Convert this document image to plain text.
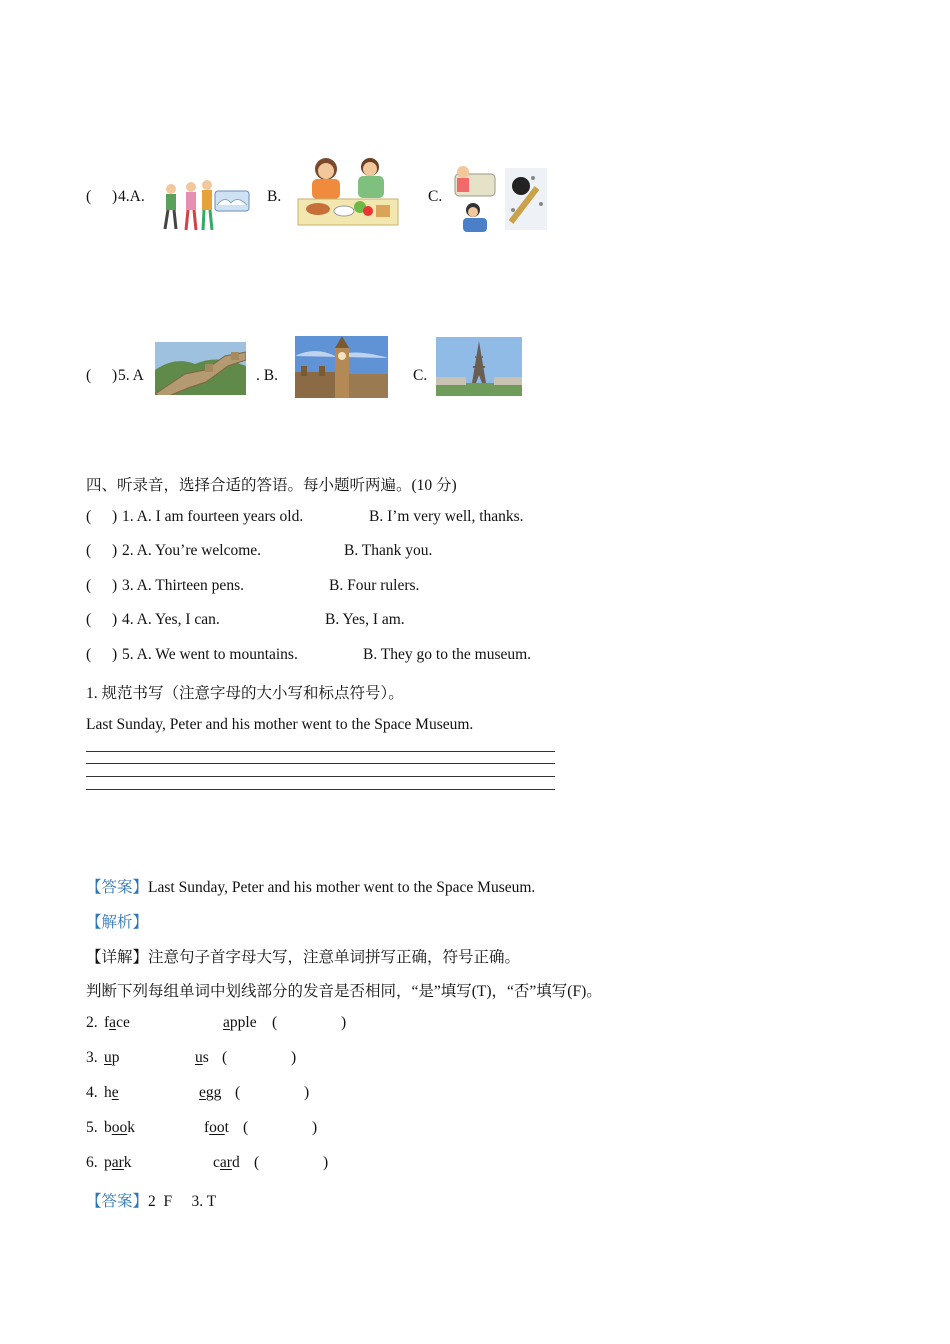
( ) 4.A.	B.	C.
( ) 5. A	. B.	C.
四、听录音，选择合适的答语。每小题听两遍。(10 分)
( ) 1. A. I am fourteen years old.	B. I’m very well, thanks.
( ) 2. A. You’re welcome.	B. Thank you.
( ) 3. A. Thirteen pens.	B. Four rulers.
( ) 4. A. Yes, I can.	B. Yes, I am.
( ) 5. A. We went to mountains.	B. They go to the museum.
1. 规范书写（注意字母的大小写和标点符号）。
Last Sunday, Peter and his mother went to the Space Museum.
【答案】Last Sunday, Peter and his mother went to the Space Museum.
【解析】
【详解】注意句子首字母大写，注意单词拼写正确，符号正确。
判断下列每组单词中划线部分的发音是否相同，“是”填写(T)，“否”填写(F)。
2. face	apple (	)
3. up	us (	)
4. he	egg (	)
5. book	foot (	)
6. park	card (	)
【答案】2  F     3. T
